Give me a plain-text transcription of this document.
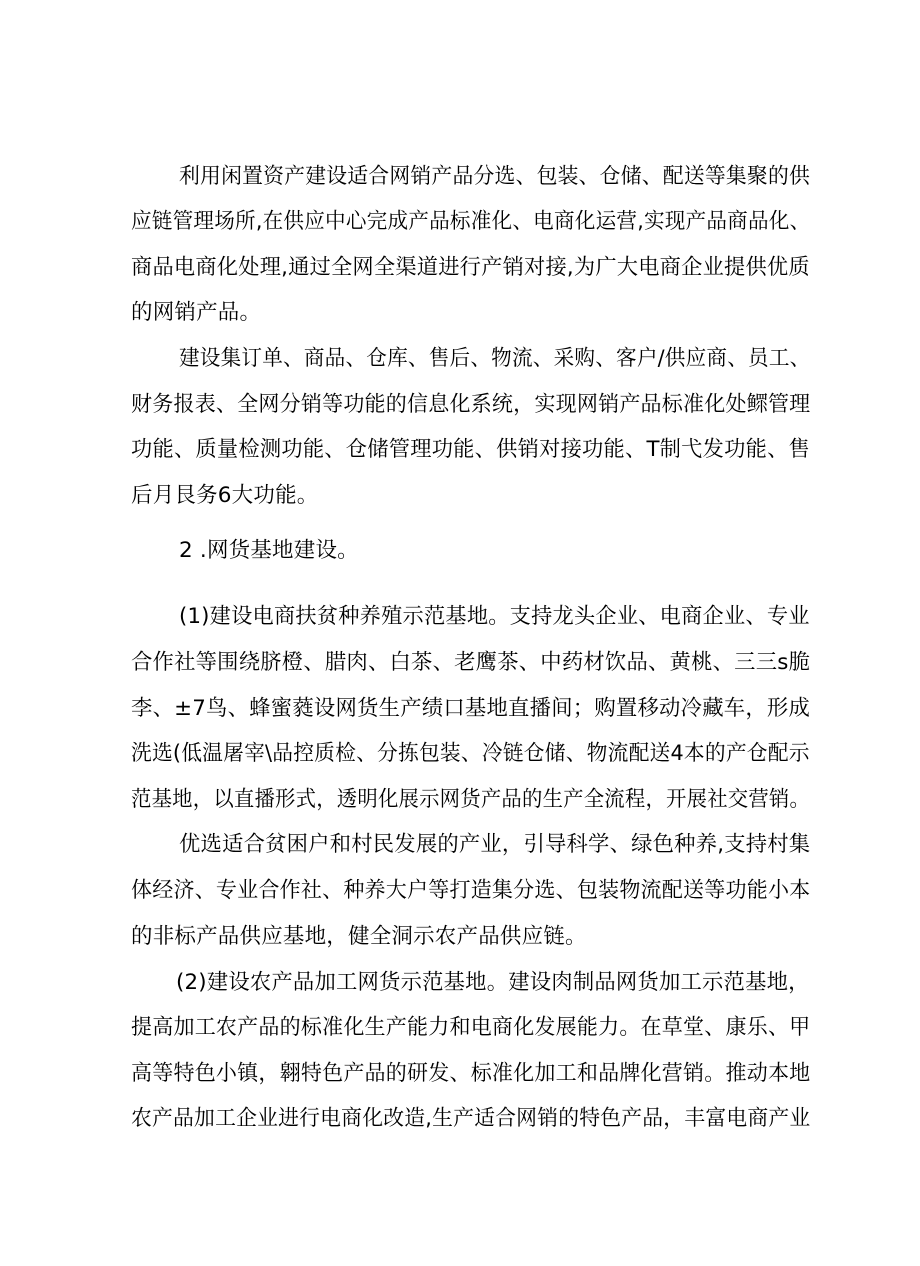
利用闲置资产建设适合网销产品分选、包装、仓储、配送等集聚的供
应链管理场所,在供应中心完成产品标准化、电商化运营,实现产品商品化、
商品电商化处理,通过全网全渠道进行产销对接,为广大电商企业提供优质
的网销产品。
建设集订单、商品、仓库、售后、物流、采购、客户/供应商、员工、
财务报表、全网分销等功能的信息化系统，实现网销产品标准化处鳏管理
功能、质量检测功能、仓储管理功能、供销对接功能、T制弋发功能、售
后月艮务6大功能。
2 .网货基地建设。
(1)建设电商扶贫种养殖示范基地。支持龙头企业、电商企业、专业
合作社等围绕脐橙、腊肉、白茶、老鹰茶、中药材饮品、黄桃、三三s脆
李、±7鸟、蜂蜜蕤设网货生产绩口基地直播间；购置移动冷藏车，形成
洗选(低温屠宰\品控质检、分拣包装、冷链仓储、物流配送4本的产仓配示
范基地，以直播形式，透明化展示网货产品的生产全流程，开展社交营销。
优选适合贫困户和村民发展的产业，引导科学、绿色种养,支持村集
体经济、专业合作社、种养大户等打造集分选、包装物流配送等功能小本
的非标产品供应基地，健全洞示农产品供应链。
(2)建设农产品加工网货示范基地。建设肉制品网货加工示范基地，
提高加工农产品的标准化生产能力和电商化发展能力。在草堂、康乐、甲
高等特色小镇，翱特色产品的研发、标准化加工和品牌化营销。推动本地
农产品加工企业进行电商化改造,生产适合网销的特色产品，丰富电商产业
